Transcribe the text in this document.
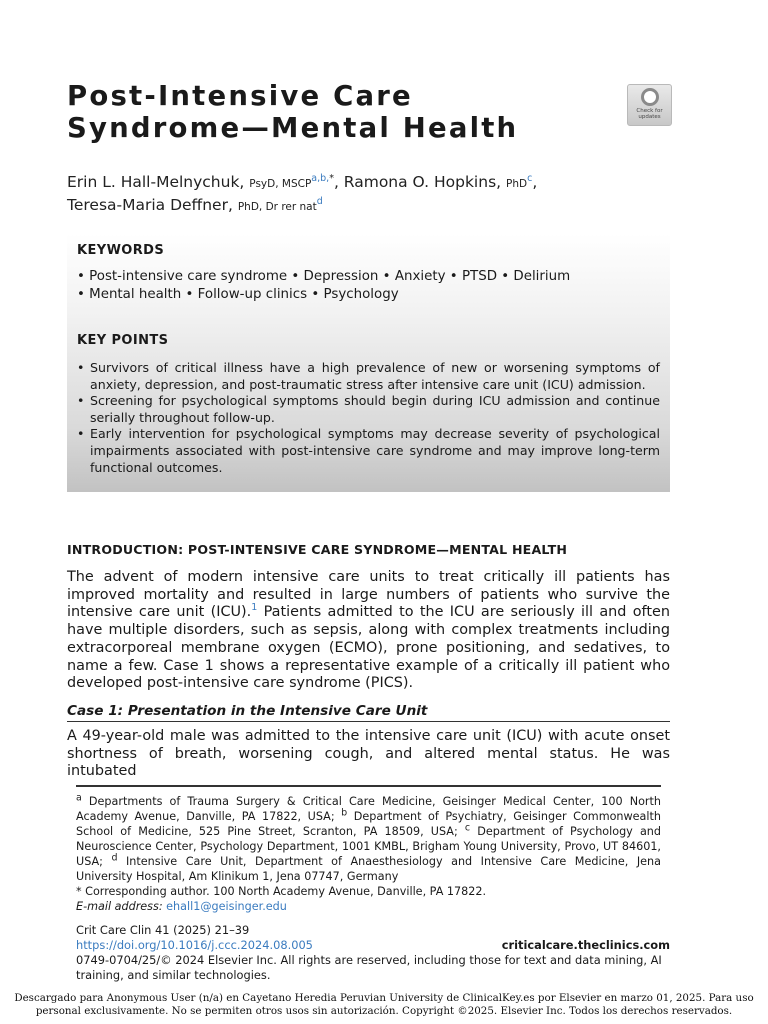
Post-Intensive Care
Syndrome—Mental Health
Check for
updates
Erin L. Hall-Melnychuk, PsyD, $MSCP^{a,b,*}$, Ramona O. Hopkins, PhD$^c$,
Teresa-Maria Deffner, PhD, Dr rer nat$^d$
KEYWORDS
• Post-intensive care syndrome • Depression • Anxiety • PTSD • Delirium
• Mental health • Follow-up clinics • Psychology
KEY POINTS
• Survivors of critical illness have a high prevalence of new or worsening symptoms of anxiety, depression, and post-traumatic stress after intensive care unit (ICU) admission.
• Screening for psychological symptoms should begin during ICU admission and continue serially throughout follow-up.
• Early intervention for psychological symptoms may decrease severity of psychological impairments associated with post-intensive care syndrome and may improve long-term functional outcomes.
INTRODUCTION: POST-INTENSIVE CARE SYNDROME—MENTAL HEALTH

The advent of modern intensive care units to treat critically ill patients has improved mortality and resulted in large numbers of patients who survive the intensive care unit (ICU).$^1$ Patients admitted to the ICU are seriously ill and often have multiple disorders, such as sepsis, along with complex treatments including extracorporeal membrane oxygen (ECMO), prone positioning, and sedatives, to name a few. Case 1 shows a representative example of a critically ill patient who developed post-intensive care syndrome (PICS).

Case 1: Presentation in the Intensive Care Unit

A 49-year-old male was admitted to the intensive care unit (ICU) with acute onset shortness of breath, worsening cough, and altered mental status. He was intubated

$^a$ Departments of Trauma Surgery & Critical Care Medicine, Geisinger Medical Center, 100 North Academy Avenue, Danville, PA 17822, USA; $^b$ Department of Psychiatry, Geisinger Commonwealth School of Medicine, 525 Pine Street, Scranton, PA 18509, USA; $^c$ Department of Psychology and Neuroscience Center, Psychology Department, 1001 KMBL, Brigham Young University, Provo, UT 84601, USA; $^d$ Intensive Care Unit, Department of Anaesthesiology and Intensive Care Medicine, Jena University Hospital, Am Klinikum 1, Jena 07747, Germany

* Corresponding author. 100 North Academy Avenue, Danville, PA 17822.

E-mail address: ehall1@geisinger.edu

Crit Care Clin 41 (2025) 21–39

https://doi.org/10.1016/j.ccc.2024.08.005	criticalcare.theclinics.com

0749-0704/25/© 2024 Elsevier Inc. All rights are reserved, including those for text and data mining, AI training, and similar technologies.

Descargado para Anonymous User (n/a) en Cayetano Heredia Peruvian University de ClinicalKey.es por Elsevier en marzo 01, 2025. Para uso

personal exclusivamente. No se permiten otros usos sin autorización. Copyright ©2025. Elsevier Inc. Todos los derechos reservados.
